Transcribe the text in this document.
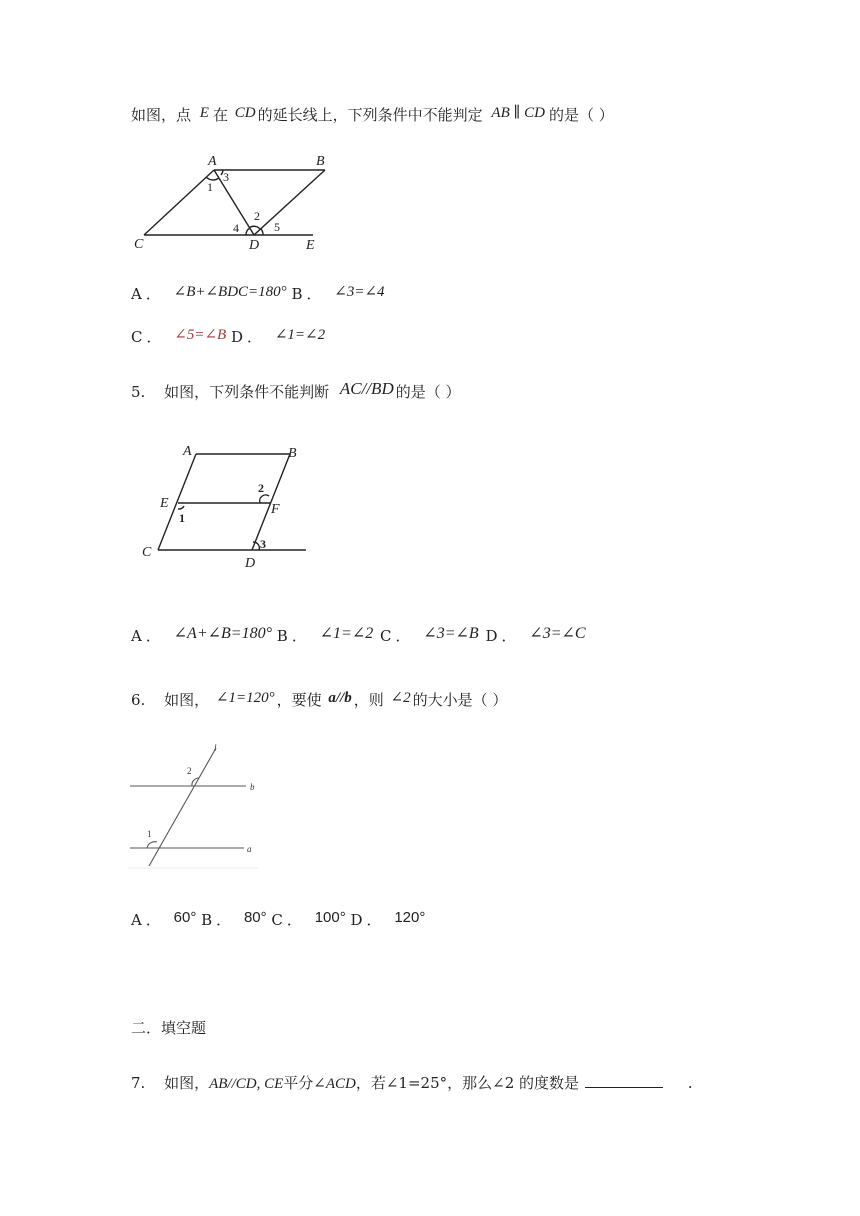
如图，点 E 在 CD 的延长线上，下列条件中不能判定 AB ∥ CD 的是（ ）
A	B
C	D	E
1
2
3
4	5
A ． ∠B+∠BDC=180° B ． ∠3=∠4
C ． ∠5=∠B D ． ∠1=∠2
5. 如图，下列条件不能判断 AC//BD 的是（ ）
A	B
E	F
C
D
1
2
3
A ． ∠A+∠B=180° B ． ∠1=∠2 C ． ∠3=∠B D ． ∠3=∠C
6. 如图， ∠1=120° ，要使 a//b ，则 ∠2 的大小是（ ）
2
1
l
b
a
A ． 60° B ． 80° C ． 100° D ． 120°
二．填空题
7. 如图，AB//CD, CE平分∠ACD，若∠1=25°，那么∠2 的度数是	.
